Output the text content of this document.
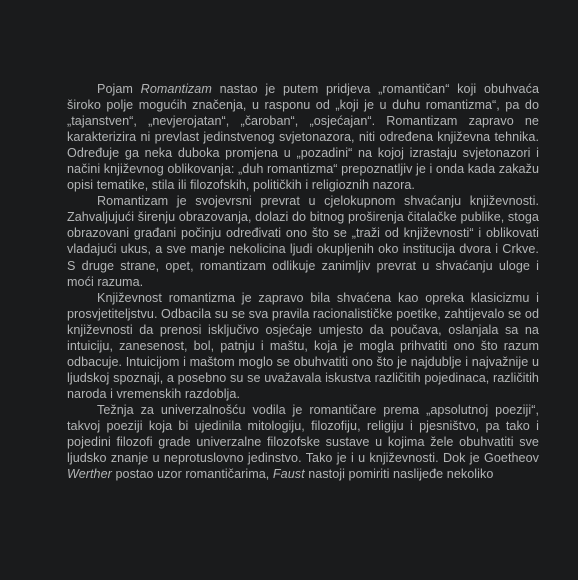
Pojam Romantizam nastao je putem pridjeva „romantičan“ koji obuhvaća široko polje mogućih značenja, u rasponu od „koji je u duhu romantizma“, pa do „tajanstven“, „nevjerojatan“, „čaroban“, „osjećajan“. Romantizam zapravo ne karakterizira ni prevlast jedinstvenog svjetonazora, niti određena književna tehnika. Određuje ga neka duboka promjena u „pozadini“ na kojoj izrastaju svjetonazori i načini književnog oblikovanja: „duh romantizma“ prepoznatljiv je i onda kada zakažu opisi tematike, stila ili filozofskih, političkih i religioznih nazora.

Romantizam je svojevrsni prevrat u cjelokupnom shvaćanju književnosti. Zahvaljujući širenju obrazovanja, dolazi do bitnog proširenja čitalačke publike, stoga obrazovani građani počinju određivati ono što se „traži od književnosti“ i oblikovati vladajući ukus, a sve manje nekolicina ljudi okupljenih oko institucija dvora i Crkve. S druge strane, opet, romantizam odlikuje zanimljiv prevrat u shvaćanju uloge i moći razuma.

Književnost romantizma je zapravo bila shvaćena kao opreka klasicizmu i prosvjetiteljstvu. Odbacila su se sva pravila racionalističke poetike, zahtijevalo se od književnosti da prenosi isključivo osjećaje umjesto da poučava, oslanjala sa na intuiciju, zanesenost, bol, patnju i maštu, koja je mogla prihvatiti ono što razum odbacuje. Intuicijom i maštom moglo se obuhvatiti ono što je najdublje i najvažnije u ljudskoj spoznaji, a posebno su se uvažavala iskustva različitih pojedinaca, različitih naroda i vremenskih razdoblja.

Težnja za univerzalnošću vodila je romantičare prema „apsolutnoj poeziji“, takvoj poeziji koja bi ujedinila mitologiju, filozofiju, religiju i pjesništvo, pa tako i pojedini filozofi grade univerzalne filozofske sustave u kojima žele obuhvatiti sve ljudsko znanje u neprotuslovno jedinstvo. Tako je i u književnosti. Dok je Goetheov Werther postao uzor romantičarima, Faust nastoji pomiriti naslijeđe nekoliko
